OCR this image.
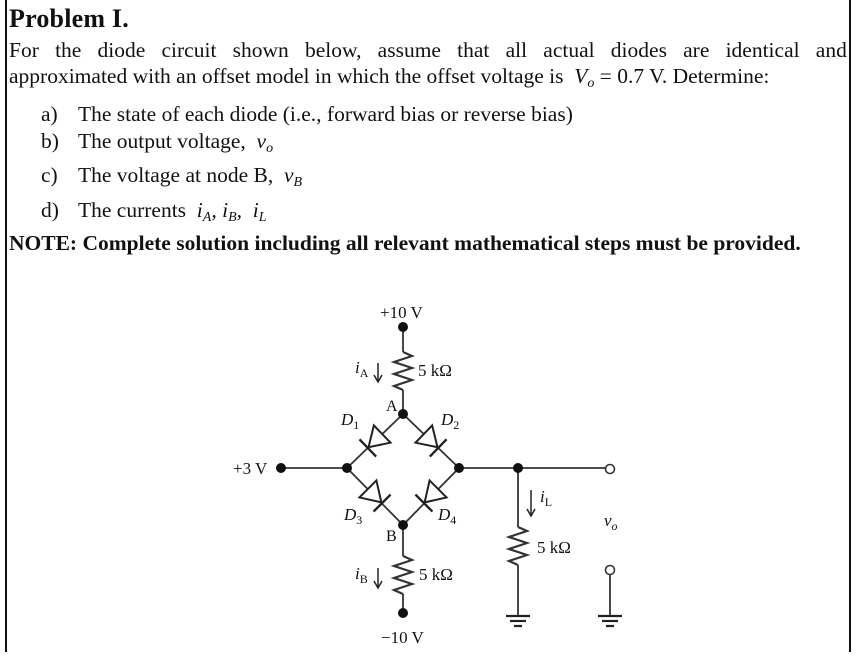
Problem I.
For the diode circuit shown below, assume that all actual diodes are identical and
approximated with an offset model in which the offset voltage is $V_o = 0.7$ V. Determine:
a) The state of each diode (i.e., forward bias or reverse bias)
b) The output voltage, $v_o$
c) The voltage at node B, $v_B$
d) The currents $i_A$, $i_B$,  $i_L$
NOTE: Complete solution including all relevant mathematical steps must be provided.
+10 V
−10 V
+3 V
5 kΩ
5 kΩ
5 kΩ
A
B
$i_A$
$i_B$
$i_L$
$v_o$
$D_1$	$D_2$
$D_3$	$D_4$
